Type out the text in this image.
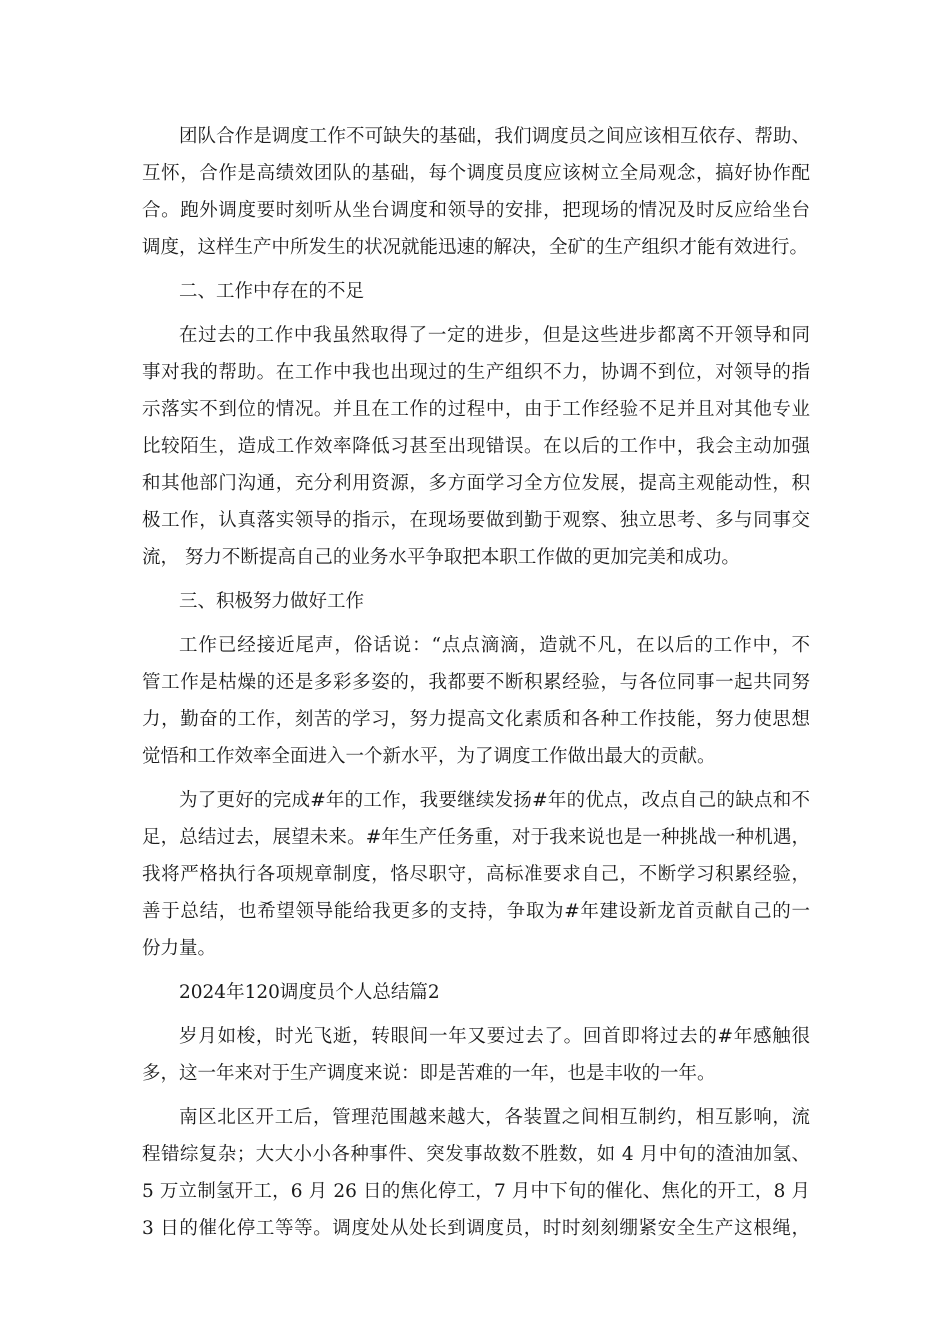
团队合作是调度工作不可缺失的基础，我们调度员之间应该相互依存、帮助、
互怀，合作是高绩效团队的基础，每个调度员度应该树立全局观念，搞好协作配
合。跑外调度要时刻听从坐台调度和领导的安排，把现场的情况及时反应给坐台
调度，这样生产中所发生的状况就能迅速的解决，全矿的生产组织才能有效进行。
二、工作中存在的不足
在过去的工作中我虽然取得了一定的进步，但是这些进步都离不开领导和同
事对我的帮助。在工作中我也出现过的生产组织不力，协调不到位，对领导的指
示落实不到位的情况。并且在工作的过程中，由于工作经验不足并且对其他专业
比较陌生，造成工作效率降低习甚至出现错误。在以后的工作中，我会主动加强
和其他部门沟通，充分利用资源，多方面学习全方位发展，提高主观能动性，积
极工作，认真落实领导的指示，在现场要做到勤于观察、独立思考、多与同事交
流， 努力不断提高自己的业务水平争取把本职工作做的更加完美和成功。
三、积极努力做好工作
工作已经接近尾声，俗话说：“点点滴滴，造就不凡，在以后的工作中，不
管工作是枯燥的还是多彩多姿的，我都要不断积累经验，与各位同事一起共同努
力，勤奋的工作，刻苦的学习，努力提高文化素质和各种工作技能，努力使思想
觉悟和工作效率全面进入一个新水平，为了调度工作做出最大的贡献。
为了更好的完成#年的工作，我要继续发扬#年的优点，改点自己的缺点和不
足，总结过去，展望未来。#年生产任务重，对于我来说也是一种挑战一种机遇，
我将严格执行各项规章制度，恪尽职守，高标准要求自己，不断学习积累经验，
善于总结，也希望领导能给我更多的支持，争取为#年建设新龙首贡献自己的一
份力量。
2024年120调度员个人总结篇2
岁月如梭，时光飞逝，转眼间一年又要过去了。回首即将过去的#年感触很
多，这一年来对于生产调度来说：即是苦难的一年，也是丰收的一年。
南区北区开工后，管理范围越来越大，各装置之间相互制约，相互影响，流
程错综复杂；大大小小各种事件、突发事故数不胜数，如 4 月中旬的渣油加氢、
5 万立制氢开工，6 月 26 日的焦化停工，7 月中下旬的催化、焦化的开工，8 月
3 日的催化停工等等。调度处从处长到调度员，时时刻刻绷紧安全生产这根绳，
